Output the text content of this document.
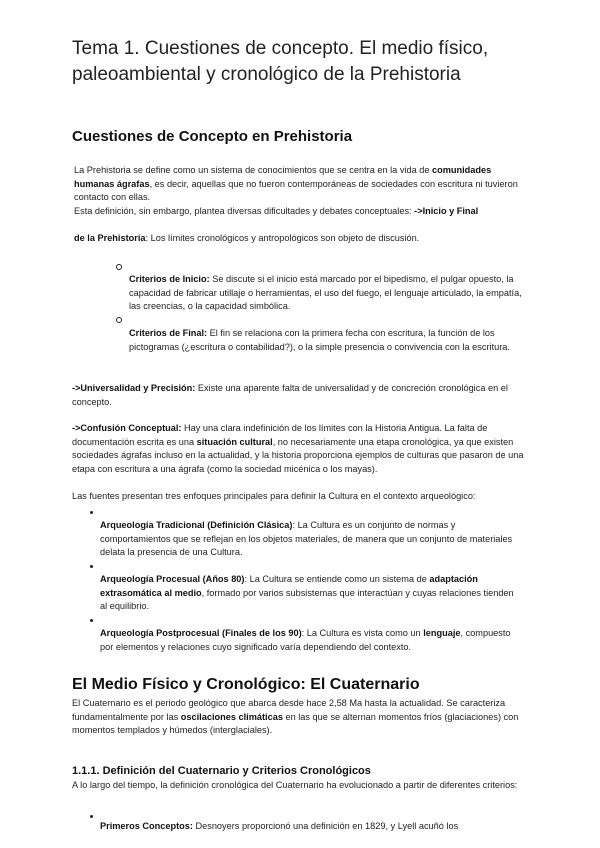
Tema 1. Cuestiones de concepto. El medio físico, paleoambiental y cronológico de la Prehistoria
Cuestiones de Concepto en Prehistoria
La Prehistoria se define como un sistema de conocimientos que se centra en la vida de comunidades humanas ágrafas, es decir, aquellas que no fueron contemporáneas de sociedades con escritura ni tuvieron contacto con ellas.
Esta definición, sin embargo, plantea diversas dificultades y debates conceptuales: ->Inicio y Final
de la Prehistoria: Los límites cronológicos y antropológicos son objeto de discusión.
Criterios de Inicio: Se discute si el inicio está marcado por el bipedismo, el pulgar opuesto, la capacidad de fabricar utillaje o herramientas, el uso del fuego, el lenguaje articulado, la empatía, las creencias, o la capacidad simbólica.
Criterios de Final: El fin se relaciona con la primera fecha con escritura, la función de los pictogramas (¿escritura o contabilidad?), o la simple presencia o convivencia con la escritura.
->Universalidad y Precisión: Existe una aparente falta de universalidad y de concreción cronológica en el concepto.
->Confusión Conceptual: Hay una clara indefinición de los límites con la Historia Antigua. La falta de documentación escrita es una situación cultural, no necesariamente una etapa cronológica, ya que existen sociedades ágrafas incluso en la actualidad, y la historia proporciona ejemplos de culturas que pasaron de una etapa con escritura a una ágrafa (como la sociedad micénica o los mayas).
Las fuentes presentan tres enfoques principales para definir la Cultura en el contexto arqueológico:
Arqueología Tradicional (Definición Clásica): La Cultura es un conjunto de normas y comportamientos que se reflejan en los objetos materiales, de manera que un conjunto de materiales delata la presencia de una Cultura.
Arqueología Procesual (Años 80): La Cultura se entiende como un sistema de adaptación extrasomática al medio, formado por varios subsistemas que interactúan y cuyas relaciones tienden al equilibrio.
Arqueología Postprocesual (Finales de los 90): La Cultura es vista como un lenguaje, compuesto por elementos y relaciones cuyo significado varía dependiendo del contexto.
El Medio Físico y Cronológico: El Cuaternario
El Cuaternario es el periodo geológico que abarca desde hace 2,58 Ma hasta la actualidad. Se caracteriza fundamentalmente por las oscilaciones climáticas en las que se alternan momentos fríos (glaciaciones) con momentos templados y húmedos (interglaciales).
1.1.1. Definición del Cuaternario y Criterios Cronológicos
A lo largo del tiempo, la definición cronológica del Cuaternario ha evolucionado a partir de diferentes criterios:
Primeros Conceptos: Desnoyers proporcionó una definición en 1829, y Lyell acuñó los
